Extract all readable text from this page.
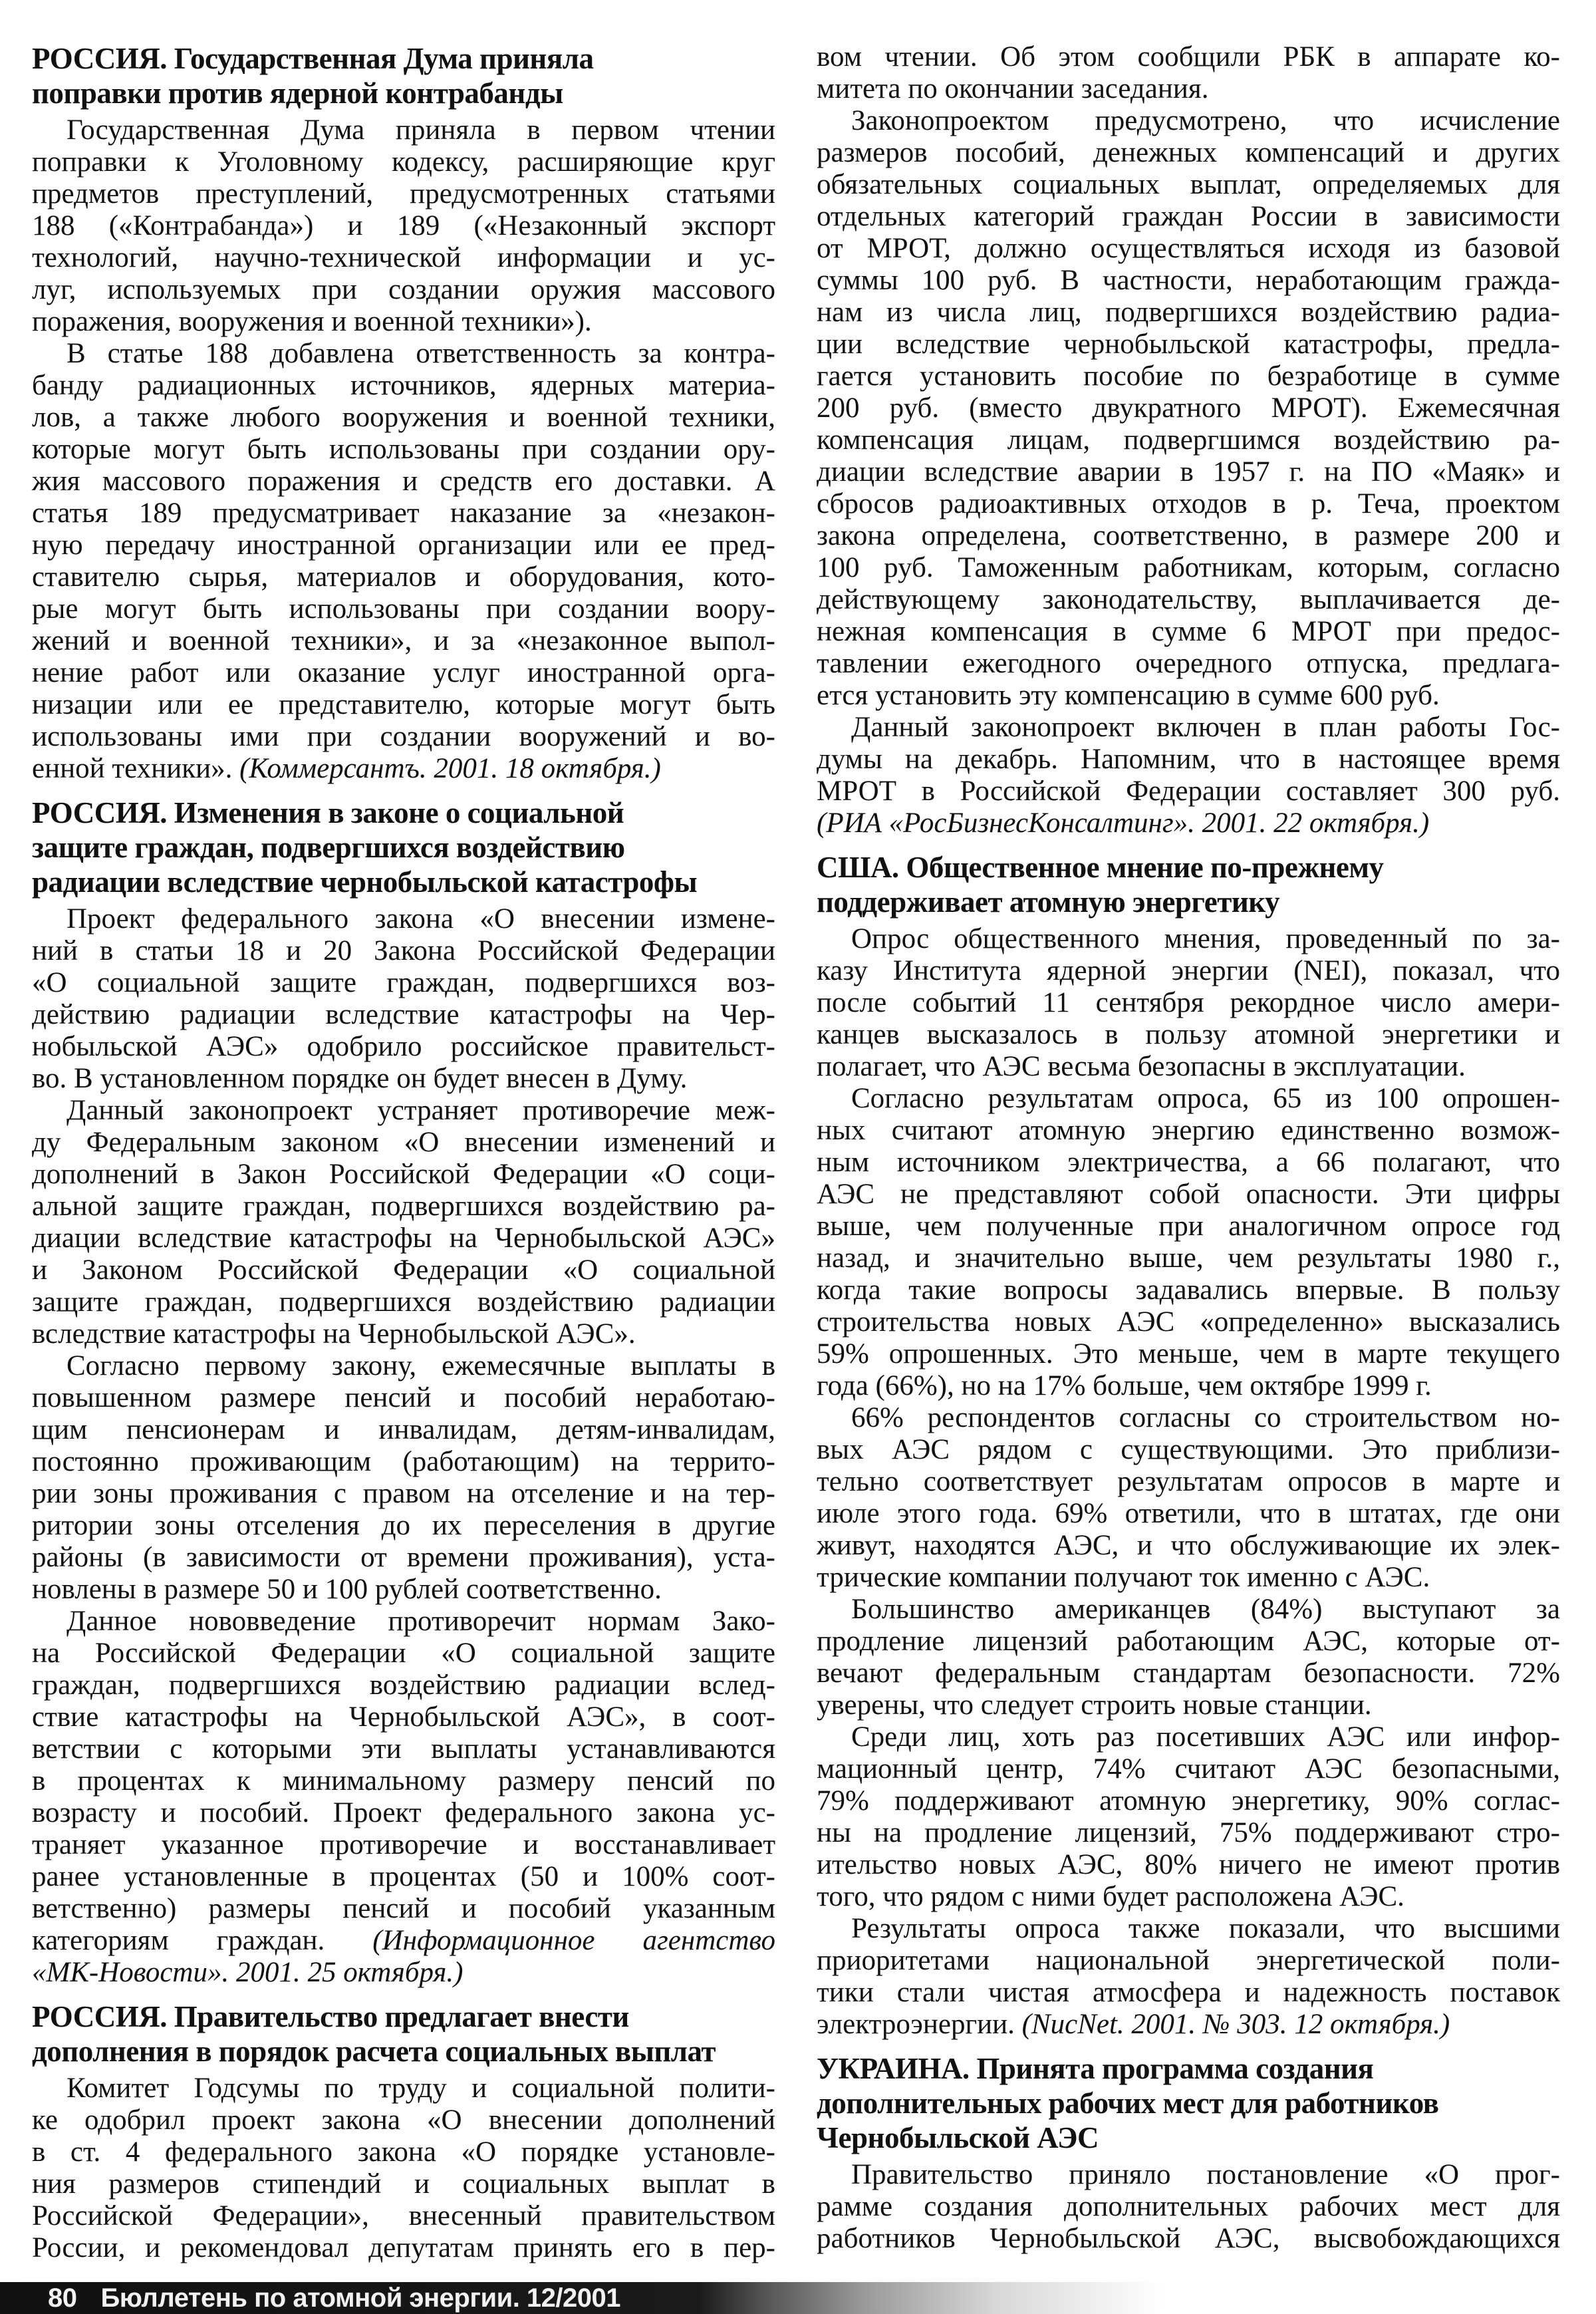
РОССИЯ. Государственная Дума приняла
поправки против ядерной контрабанды
Государственная Дума приняла в первом чтении
поправки к Уголовному кодексу, расширяющие круг
предметов преступлений, предусмотренных статьями
188 («Контрабанда») и 189 («Незаконный экспорт
технологий, научно-технической информации и ус-
луг, используемых при создании оружия массового
поражения, вооружения и военной техники»).
В статье 188 добавлена ответственность за контра-
банду радиационных источников, ядерных материа-
лов, а также любого вооружения и военной техники,
которые могут быть использованы при создании ору-
жия массового поражения и средств его доставки. А
статья 189 предусматривает наказание за «незакон-
ную передачу иностранной организации или ее пред-
ставителю сырья, материалов и оборудования, кото-
рые могут быть использованы при создании воору-
жений и военной техники», и за «незаконное выпол-
нение работ или оказание услуг иностранной орга-
низации или ее представителю, которые могут быть
использованы ими при создании вооружений и во-
енной техники». (Коммерсантъ. 2001. 18 октября.)
РОССИЯ. Изменения в законе о социальной
защите граждан, подвергшихся воздействию
радиации вследствие чернобыльской катастрофы
Проект федерального закона «О внесении измене-
ний в статьи 18 и 20 Закона Российской Федерации
«О социальной защите граждан, подвергшихся воз-
действию радиации вследствие катастрофы на Чер-
нобыльской АЭС» одобрило российское правительст-
во. В установленном порядке он будет внесен в Думу.
Данный законопроект устраняет противоречие меж-
ду Федеральным законом «О внесении изменений и
дополнений в Закон Российской Федерации «О соци-
альной защите граждан, подвергшихся воздействию ра-
диации вследствие катастрофы на Чернобыльской АЭС»
и Законом Российской Федерации «О социальной
защите граждан, подвергшихся воздействию радиации
вследствие катастрофы на Чернобыльской АЭС».
Согласно первому закону, ежемесячные выплаты в
повышенном размере пенсий и пособий неработаю-
щим пенсионерам и инвалидам, детям-инвалидам,
постоянно проживающим (работающим) на террито-
рии зоны проживания с правом на отселение и на тер-
ритории зоны отселения до их переселения в другие
районы (в зависимости от времени проживания), уста-
новлены в размере 50 и 100 рублей соответственно.
Данное нововведение противоречит нормам Зако-
на Российской Федерации «О социальной защите
граждан, подвергшихся воздействию радиации вслед-
ствие катастрофы на Чернобыльской АЭС», в соот-
ветствии с которыми эти выплаты устанавливаются
в процентах к минимальному размеру пенсий по
возрасту и пособий. Проект федерального закона ус-
траняет указанное противоречие и восстанавливает
ранее установленные в процентах (50 и 100% соот-
ветственно) размеры пенсий и пособий указанным
категориям граждан. (Информационное агентство
«МК-Новости». 2001. 25 октября.)
РОССИЯ. Правительство предлагает внести
дополнения в порядок расчета социальных выплат
Комитет Годсумы по труду и социальной полити-
ке одобрил проект закона «О внесении дополнений
в ст. 4 федерального закона «О порядке установле-
ния размеров стипендий и социальных выплат в
Российской Федерации», внесенный правительством
России, и рекомендовал депутатам принять его в пер-
вом чтении. Об этом сообщили РБК в аппарате ко-
митета по окончании заседания.
Законопроектом предусмотрено, что исчисление
размеров пособий, денежных компенсаций и других
обязательных социальных выплат, определяемых для
отдельных категорий граждан России в зависимости
от МРОТ, должно осуществляться исходя из базовой
суммы 100 руб. В частности, неработающим гражда-
нам из числа лиц, подвергшихся воздействию радиа-
ции вследствие чернобыльской катастрофы, предла-
гается установить пособие по безработице в сумме
200 руб. (вместо двукратного МРОТ). Ежемесячная
компенсация лицам, подвергшимся воздействию ра-
диации вследствие аварии в 1957 г. на ПО «Маяк» и
сбросов радиоактивных отходов в р. Теча, проектом
закона определена, соответственно, в размере 200 и
100 руб. Таможенным работникам, которым, согласно
действующему законодательству, выплачивается де-
нежная компенсация в сумме 6 МРОТ при предос-
тавлении ежегодного очередного отпуска, предлага-
ется установить эту компенсацию в сумме 600 руб.
Данный законопроект включен в план работы Гос-
думы на декабрь. Напомним, что в настоящее время
МРОТ в Российской Федерации составляет 300 руб.
(РИА «РосБизнесКонсалтинг». 2001. 22 октября.)
США. Общественное мнение по-прежнему
поддерживает атомную энергетику
Опрос общественного мнения, проведенный по за-
казу Института ядерной энергии (NEI), показал, что
после событий 11 сентября рекордное число амери-
канцев высказалось в пользу атомной энергетики и
полагает, что АЭС весьма безопасны в эксплуатации.
Согласно результатам опроса, 65 из 100 опрошен-
ных считают атомную энергию единственно возмож-
ным источником электричества, а 66 полагают, что
АЭС не представляют собой опасности. Эти цифры
выше, чем полученные при аналогичном опросе год
назад, и значительно выше, чем результаты 1980 г.,
когда такие вопросы задавались впервые. В пользу
строительства новых АЭС «определенно» высказались
59% опрошенных. Это меньше, чем в марте текущего
года (66%), но на 17% больше, чем октябре 1999 г.
66% респондентов согласны со строительством но-
вых АЭС рядом с существующими. Это приблизи-
тельно соответствует результатам опросов в марте и
июле этого года. 69% ответили, что в штатах, где они
живут, находятся АЭС, и что обслуживающие их элек-
трические компании получают ток именно с АЭС.
Большинство американцев (84%) выступают за
продление лицензий работающим АЭС, которые от-
вечают федеральным стандартам безопасности. 72%
уверены, что следует строить новые станции.
Среди лиц, хоть раз посетивших АЭС или инфор-
мационный центр, 74% считают АЭС безопасными,
79% поддерживают атомную энергетику, 90% соглас-
ны на продление лицензий, 75% поддерживают стро-
ительство новых АЭС, 80% ничего не имеют против
того, что рядом с ними будет расположена АЭС.
Результаты опроса также показали, что высшими
приоритетами национальной энергетической поли-
тики стали чистая атмосфера и надежность поставок
электроэнергии. (NucNet. 2001. № 303. 12 октября.)
УКРАИНА. Принята программа создания
дополнительных рабочих мест для работников
Чернобыльской АЭС
Правительство приняло постановление «О прог-
рамме создания дополнительных рабочих мест для
работников Чернобыльской АЭС, высвобождающихся
80 Бюллетень по атомной энергии. 12/2001
